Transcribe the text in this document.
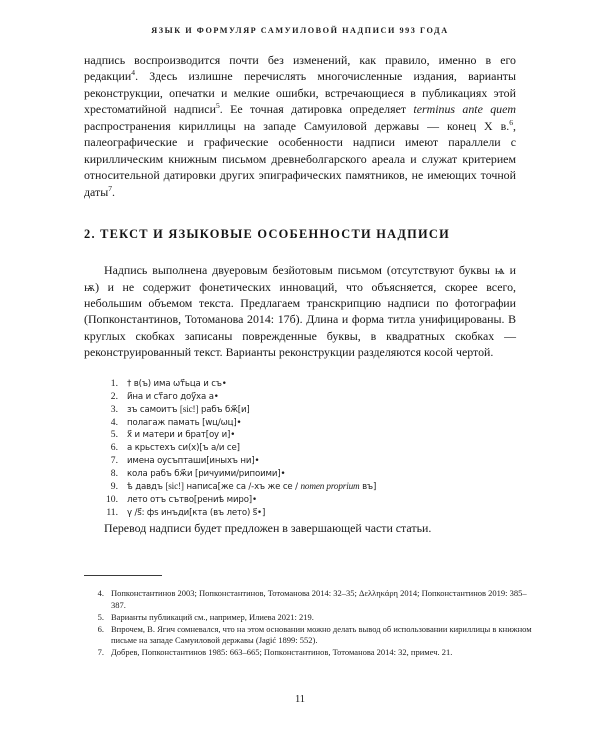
ЯЗЫК И ФОРМУЛЯР САМУИЛОВОЙ НАДПИСИ 993 ГОДА

надпись воспроизводится почти без изменений, как правило, именно в его редакции$^4$. Здесь излишне перечислять многочисленные издания, варианты реконструкции, опечатки и мелкие ошибки, встречающиеся в публикациях этой хрестоматийной надписи$^5$. Ее точная датировка определяет terminus ante quem распространения кириллицы на западе Самуиловой державы — конец X в.$^6$, палеографические и графические особенности надписи имеют параллели с кириллическим книжным письмом древнеболгарского ареала и служат критерием относительной датировки других эпиграфических памятников, не имеющих точной даты$^7$.

2. ТЕКСТ И ЯЗЫКОВЫЕ ОСОБЕННОСТИ НАДПИСИ

Надпись выполнена двуеровым безйотовым письмом (отсутствуют буквы ѩ и ѭ) и не содержит фонетических инноваций, что объясняется, скорее всего, небольшим объемом текста. Предлагаем транскрипцию надписи по фотографии (Попконстантинов, Тотоманова 2014: 17б). Длина и форма титла унифицированы. В круглых скобках записаны поврежденные буквы, в квадратных скобках — реконструированный текст. Варианты реконструкции разделяются косой чертой.

1.	† в(ъ) има ѡт҃ьца и съ•
2.	и҃на и ст҃аго доу҃ха а•
3.	зъ самоитъ [sic!] рабъ бж҃[и]
4.	полагаж памать [wц/ѡц]•
5.	х҃ и матери и брат[оу и]•
6.	а крьстехъ си(х)[ъ а/и се]
7.	имена оусъпташи[иныхъ ни]•
8.	кола рабъ бж҃и [ричуими/рипоими]•
9.	ѣ давдъ [sic!] написа[же са /-хъ же се / nomen proprium въ]
10.	лето отъ сътво[рениѣ миро]•
11.	ү /ѕ҃: фѕ инъди[кта (въ лето) ѕ҃•]

Перевод надписи будет предложен в завершающей части статьи.

4. Попконстантинов 2003; Попконстантинов, Тотоманова 2014: 32–35; Δελληκάρη 2014; Попконстантинов 2019: 385–387.
5. Варианты публикаций см., например, Илиева 2021: 219.
6. Впрочем, В. Ягич сомневался, что на этом основании можно делать вывод об использовании кириллицы в книжном письме на западе Самуиловой державы (Jagić 1899: 552).
7. Добрев, Попконстантинов 1985: 663–665; Попконстантинов, Тотоманова 2014: 32, примеч. 21.
11
